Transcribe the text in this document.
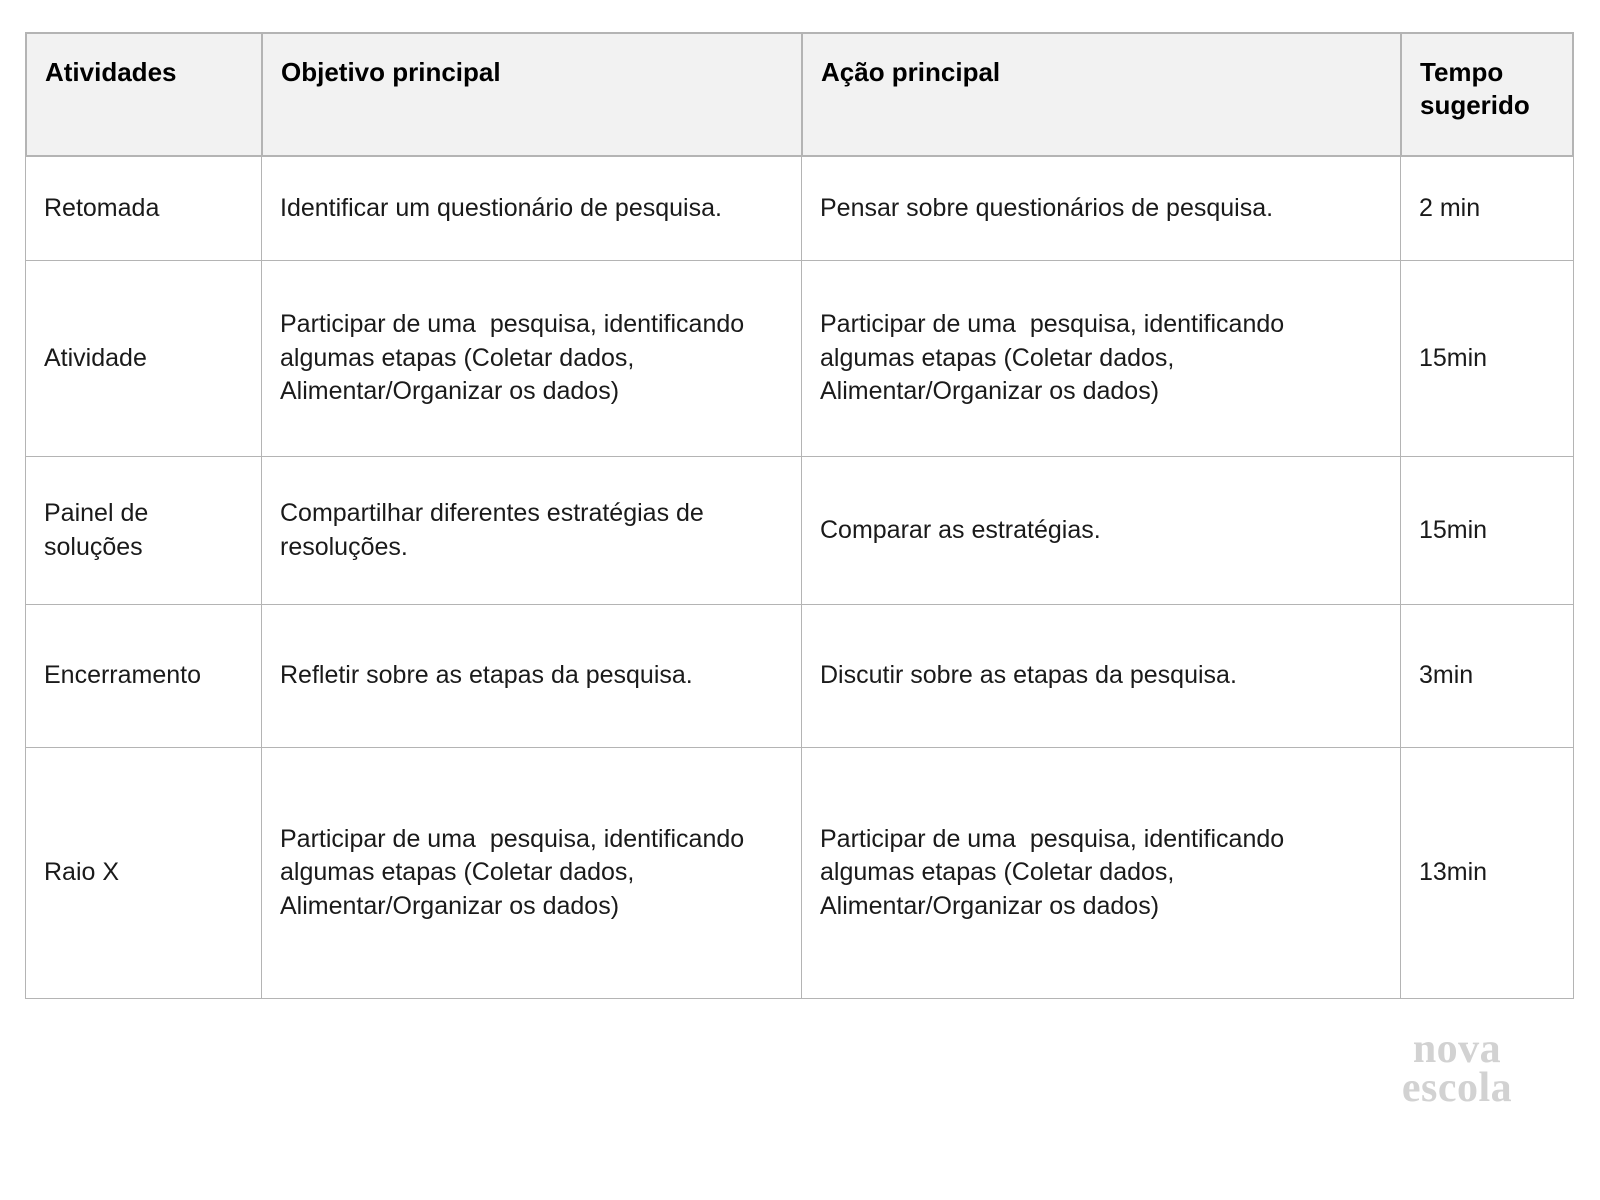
Atividades	Objetivo principal	Ação principal	Tempo sugerido

Retomada	Identificar um questionário de pesquisa.	Pensar sobre questionários de pesquisa.	2 min

Atividade	Participar de uma  pesquisa, identificando algumas etapas (Coletar dados, Alimentar/Organizar os dados)	Participar de uma  pesquisa, identificando algumas etapas (Coletar dados, Alimentar/Organizar os dados)	15min

Painel de soluções	Compartilhar diferentes estratégias de resoluções.	Comparar as estratégias.	15min

Encerramento	Refletir sobre as etapas da pesquisa.	Discutir sobre as etapas da pesquisa.	3min

Raio X	Participar de uma  pesquisa, identificando algumas etapas (Coletar dados, Alimentar/Organizar os dados)	Participar de uma  pesquisa, identificando algumas etapas (Coletar dados, Alimentar/Organizar os dados)	13min
nova
escola
